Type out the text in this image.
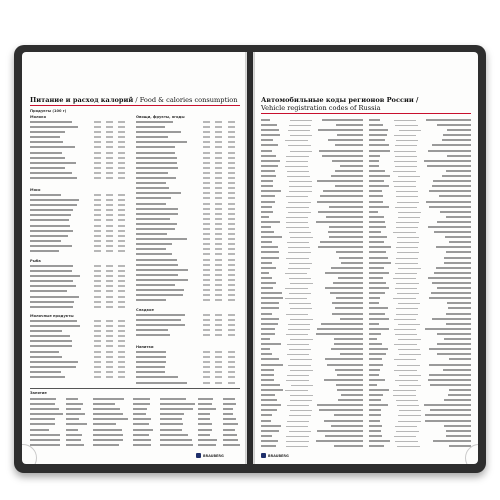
Питание и расход калорий / Food & calories consumption
Продукты (100 г)
Молоко
Мясо
Рыба
Молочные продукты
Овощи, фрукты, ягоды
Сладкое
Напитки
Занятие
BRAUBERG
Автомобильные коды регионов России /
Vehicle registration codes of Russia
BRAUBERG
